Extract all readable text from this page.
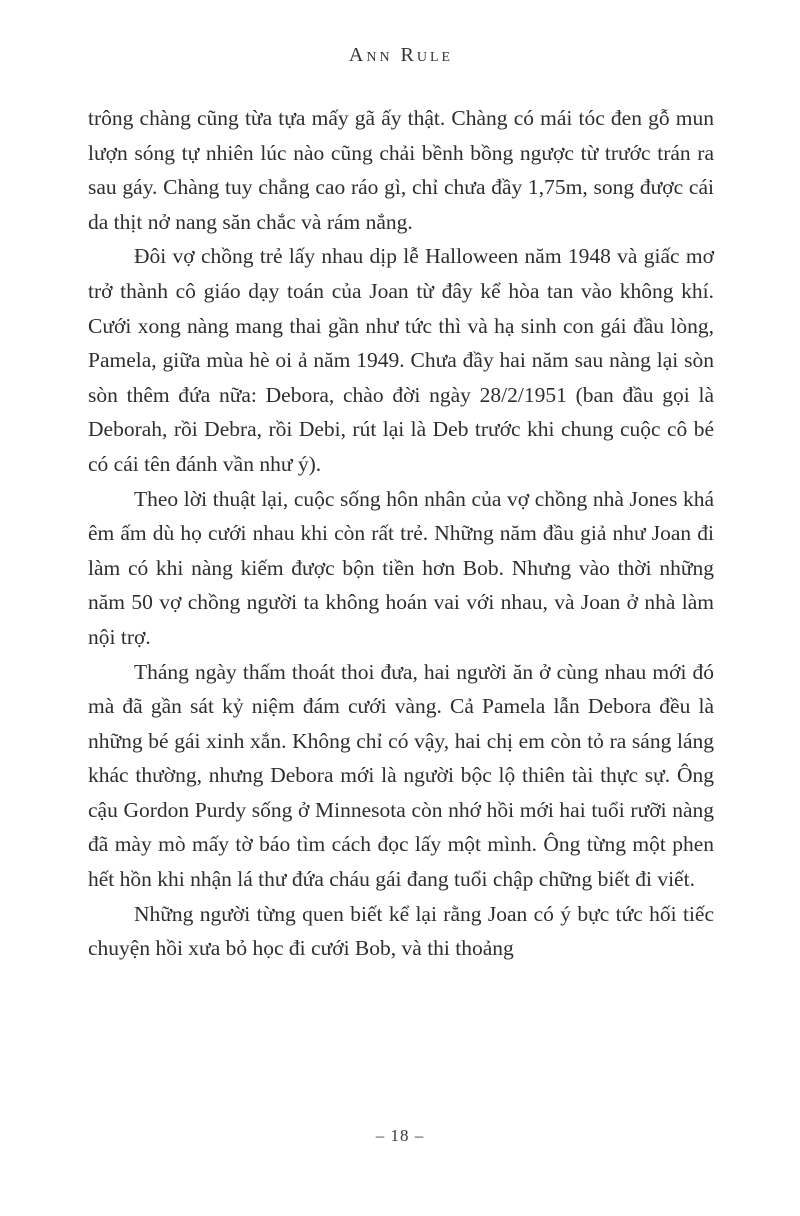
Ann Rule

trông chàng cũng từa tựa mấy gã ấy thật. Chàng có mái tóc đen gỗ mun lượn sóng tự nhiên lúc nào cũng chải bềnh bồng ngược từ trước trán ra sau gáy. Chàng tuy chẳng cao ráo gì, chỉ chưa đầy 1,75m, song được cái da thịt nở nang săn chắc và rám nắng.

Đôi vợ chồng trẻ lấy nhau dịp lễ Halloween năm 1948 và giấc mơ trở thành cô giáo dạy toán của Joan từ đây kể hòa tan vào không khí. Cưới xong nàng mang thai gần như tức thì và hạ sinh con gái đầu lòng, Pamela, giữa mùa hè oi ả năm 1949. Chưa đầy hai năm sau nàng lại sòn sòn thêm đứa nữa: Debora, chào đời ngày 28/2/1951 (ban đầu gọi là Deborah, rồi Debra, rồi Debi, rút lại là Deb trước khi chung cuộc cô bé có cái tên đánh vần như ý).

Theo lời thuật lại, cuộc sống hôn nhân của vợ chồng nhà Jones khá êm ấm dù họ cưới nhau khi còn rất trẻ. Những năm đầu giả như Joan đi làm có khi nàng kiếm được bộn tiền hơn Bob. Nhưng vào thời những năm 50 vợ chồng người ta không hoán vai với nhau, và Joan ở nhà làm nội trợ.

Tháng ngày thấm thoát thoi đưa, hai người ăn ở cùng nhau mới đó mà đã gần sát kỷ niệm đám cưới vàng. Cả Pamela lẫn Debora đều là những bé gái xinh xắn. Không chỉ có vậy, hai chị em còn tỏ ra sáng láng khác thường, nhưng Debora mới là người bộc lộ thiên tài thực sự. Ông cậu Gordon Purdy sống ở Minnesota còn nhớ hồi mới hai tuổi rưỡi nàng đã mày mò mấy tờ báo tìm cách đọc lấy một mình. Ông từng một phen hết hồn khi nhận lá thư đứa cháu gái đang tuổi chập chững biết đi viết.

Những người từng quen biết kể lại rằng Joan có ý bực tức hối tiếc chuyện hồi xưa bỏ học đi cưới Bob, và thi thoảng

– 18 –
